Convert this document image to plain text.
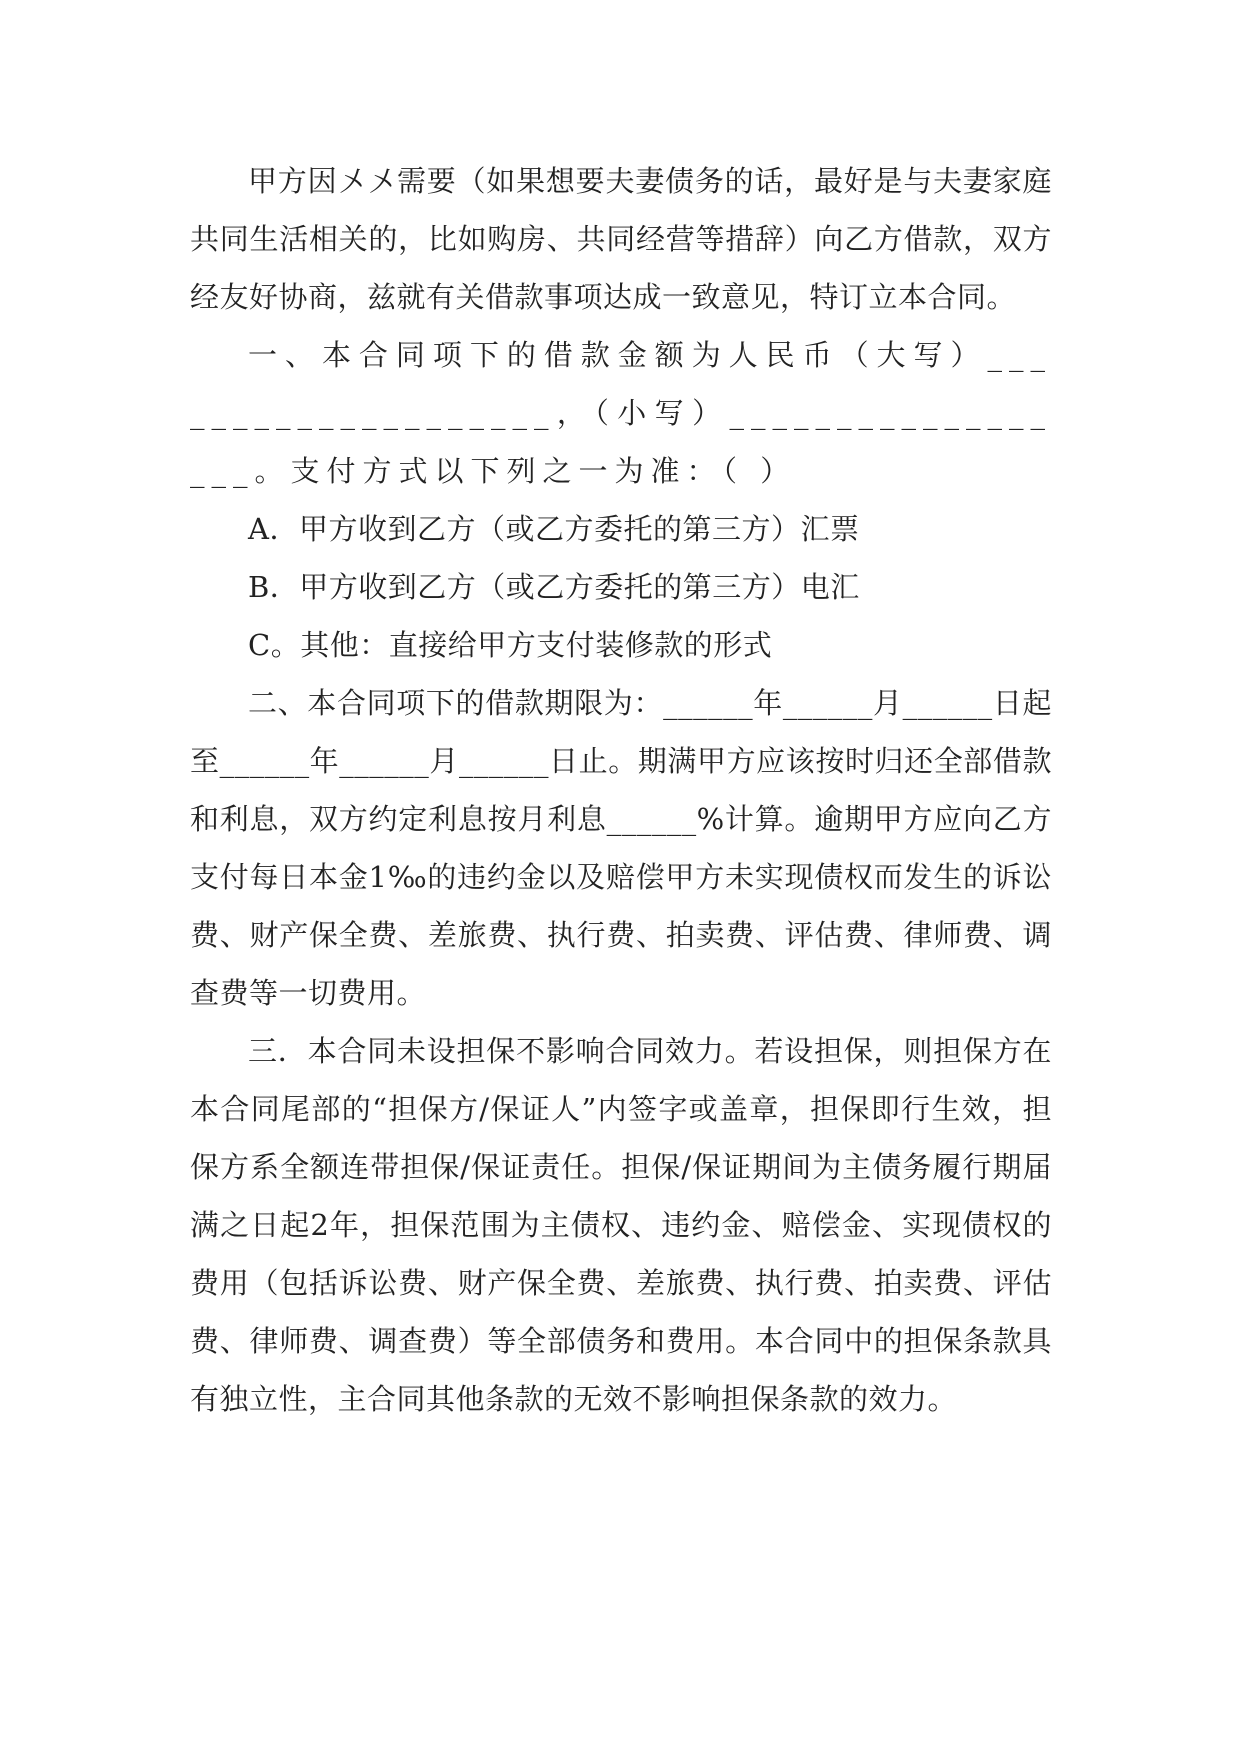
甲方因〤〤需要（如果想要夫妻债务的话，最好是与夫妻家庭共同生活相关的，比如购房、共同经营等措辞）向乙方借款，双方经友好协商，兹就有关借款事项达成一致意见，特订立本合同。

一、本合同项下的借款金额为人民币（大写）____________________，（小写）__________________。支付方式以下列之一为准：（ ）

A．甲方收到乙方（或乙方委托的第三方）汇票

B．甲方收到乙方（或乙方委托的第三方）电汇

C。其他：直接给甲方支付装修款的形式

二、本合同项下的借款期限为：______年______月______日起至______年______月______日止。期满甲方应该按时归还全部借款和利息，双方约定利息按月利息______%计算。逾期甲方应向乙方支付每日本金1‰的违约金以及赔偿甲方未实现债权而发生的诉讼费、财产保全费、差旅费、执行费、拍卖费、评估费、律师费、调查费等一切费用。

三．本合同未设担保不影响合同效力。若设担保，则担保方在本合同尾部的“担保方/保证人”内签字或盖章，担保即行生效，担保方系全额连带担保/保证责任。担保/保证期间为主债务履行期届满之日起2年，担保范围为主债权、违约金、赔偿金、实现债权的费用（包括诉讼费、财产保全费、差旅费、执行费、拍卖费、评估费、律师费、调查费）等全部债务和费用。本合同中的担保条款具有独立性，主合同其他条款的无效不影响担保条款的效力。
